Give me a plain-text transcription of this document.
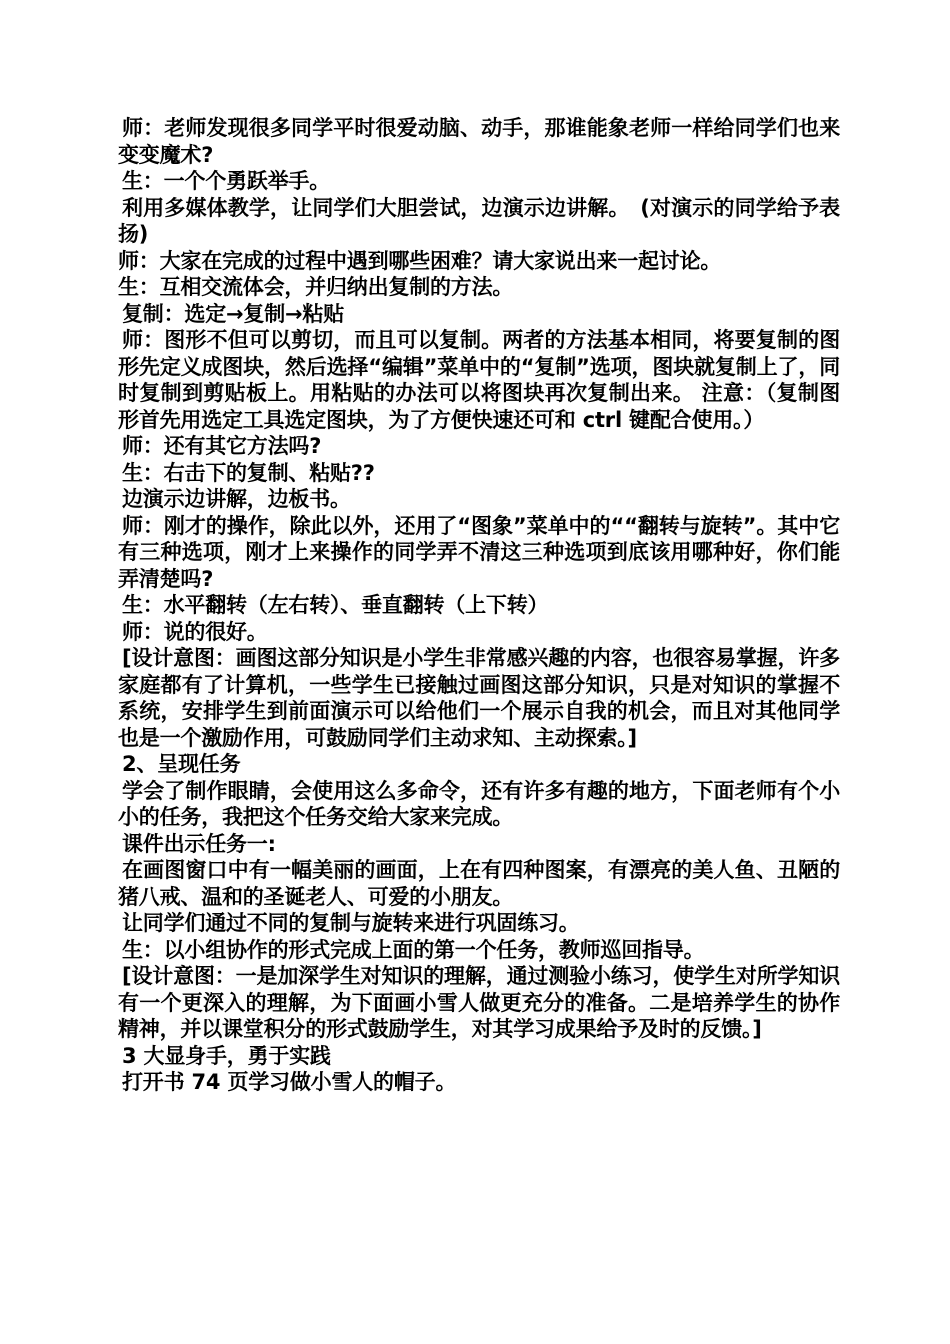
师：老师发现很多同学平时很爱动脑、动手，那谁能象老师一样给同学们也来变变魔术?

生：一个个勇跃举手。

利用多媒体教学，让同学们大胆尝试，边演示边讲解。　(对演示的同学给予表扬)

师：大家在完成的过程中遇到哪些困难？请大家说出来一起讨论。

生：互相交流体会，并归纳出复制的方法。

复制：选定→复制→粘贴

师：图形不但可以剪切，而且可以复制。两者的方法基本相同，将要复制的图形先定义成图块，然后选择“编辑”菜单中的“复制”选项，图块就复制上了，同时复制到剪贴板上。用粘贴的办法可以将图块再次复制出来。 注意：（复制图形首先用选定工具选定图块，为了方便快速还可和 ctrl 键配合使用。）

师：还有其它方法吗?

生：右击下的复制、粘贴??

边演示边讲解，边板书。

师：刚才的操作，除此以外，还用了“图象”菜单中的““翻转与旋转”。其中它有三种选项，刚才上来操作的同学弄不清这三种选项到底该用哪种好，你们能弄清楚吗?

生：水平翻转（左右转）、垂直翻转（上下转）

师：说的很好。

[设计意图：画图这部分知识是小学生非常感兴趣的内容，也很容易掌握，许多家庭都有了计算机，一些学生已接触过画图这部分知识，只是对知识的掌握不系统，安排学生到前面演示可以给他们一个展示自我的机会，而且对其他同学也是一个激励作用，可鼓励同学们主动求知、主动探索。]

2、呈现任务

学会了制作眼睛，会使用这么多命令，还有许多有趣的地方，下面老师有个小小的任务，我把这个任务交给大家来完成。

课件出示任务一:

在画图窗口中有一幅美丽的画面，上在有四种图案，有漂亮的美人鱼、丑陋的猪八戒、温和的圣诞老人、可爱的小朋友。

让同学们通过不同的复制与旋转来进行巩固练习。

生：以小组协作的形式完成上面的第一个任务，教师巡回指导。

[设计意图：一是加深学生对知识的理解，通过测验小练习，使学生对所学知识有一个更深入的理解，为下面画小雪人做更充分的准备。二是培养学生的协作精神，并以课堂积分的形式鼓励学生，对其学习成果给予及时的反馈。]

3 大显身手，勇于实践

打开书 74 页学习做小雪人的帽子。
